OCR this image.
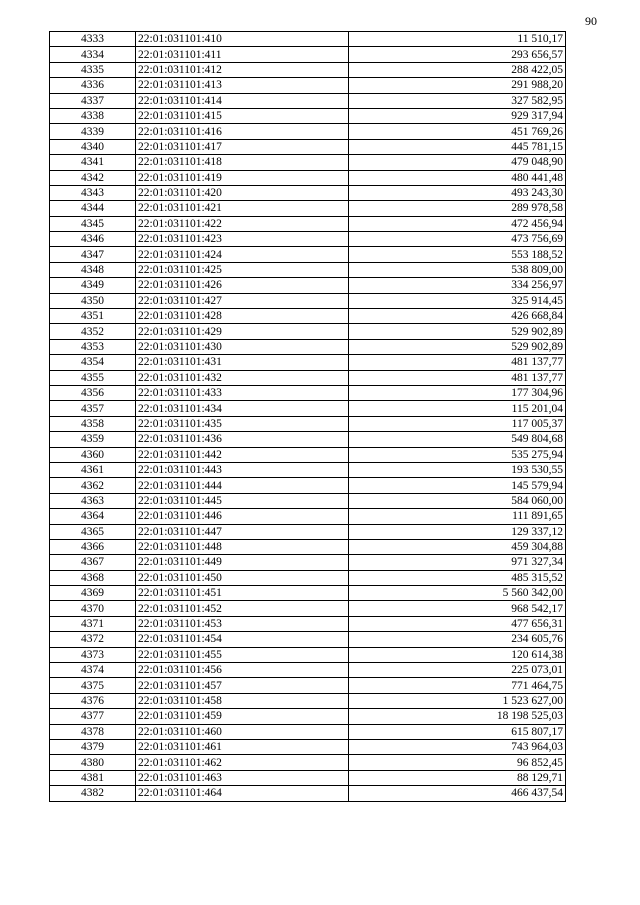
90
4333	22:01:031101:410	11 510,17
4334	22:01:031101:411	293 656,57
4335	22:01:031101:412	288 422,05
4336	22:01:031101:413	291 988,20
4337	22:01:031101:414	327 582,95
4338	22:01:031101:415	929 317,94
4339	22:01:031101:416	451 769,26
4340	22:01:031101:417	445 781,15
4341	22:01:031101:418	479 048,90
4342	22:01:031101:419	480 441,48
4343	22:01:031101:420	493 243,30
4344	22:01:031101:421	289 978,58
4345	22:01:031101:422	472 456,94
4346	22:01:031101:423	473 756,69
4347	22:01:031101:424	553 188,52
4348	22:01:031101:425	538 809,00
4349	22:01:031101:426	334 256,97
4350	22:01:031101:427	325 914,45
4351	22:01:031101:428	426 668,84
4352	22:01:031101:429	529 902,89
4353	22:01:031101:430	529 902,89
4354	22:01:031101:431	481 137,77
4355	22:01:031101:432	481 137,77
4356	22:01:031101:433	177 304,96
4357	22:01:031101:434	115 201,04
4358	22:01:031101:435	117 005,37
4359	22:01:031101:436	549 804,68
4360	22:01:031101:442	535 275,94
4361	22:01:031101:443	193 530,55
4362	22:01:031101:444	145 579,94
4363	22:01:031101:445	584 060,00
4364	22:01:031101:446	111 891,65
4365	22:01:031101:447	129 337,12
4366	22:01:031101:448	459 304,88
4367	22:01:031101:449	971 327,34
4368	22:01:031101:450	485 315,52
4369	22:01:031101:451	5 560 342,00
4370	22:01:031101:452	968 542,17
4371	22:01:031101:453	477 656,31
4372	22:01:031101:454	234 605,76
4373	22:01:031101:455	120 614,38
4374	22:01:031101:456	225 073,01
4375	22:01:031101:457	771 464,75
4376	22:01:031101:458	1 523 627,00
4377	22:01:031101:459	18 198 525,03
4378	22:01:031101:460	615 807,17
4379	22:01:031101:461	743 964,03
4380	22:01:031101:462	96 852,45
4381	22:01:031101:463	88 129,71
4382	22:01:031101:464	466 437,54
